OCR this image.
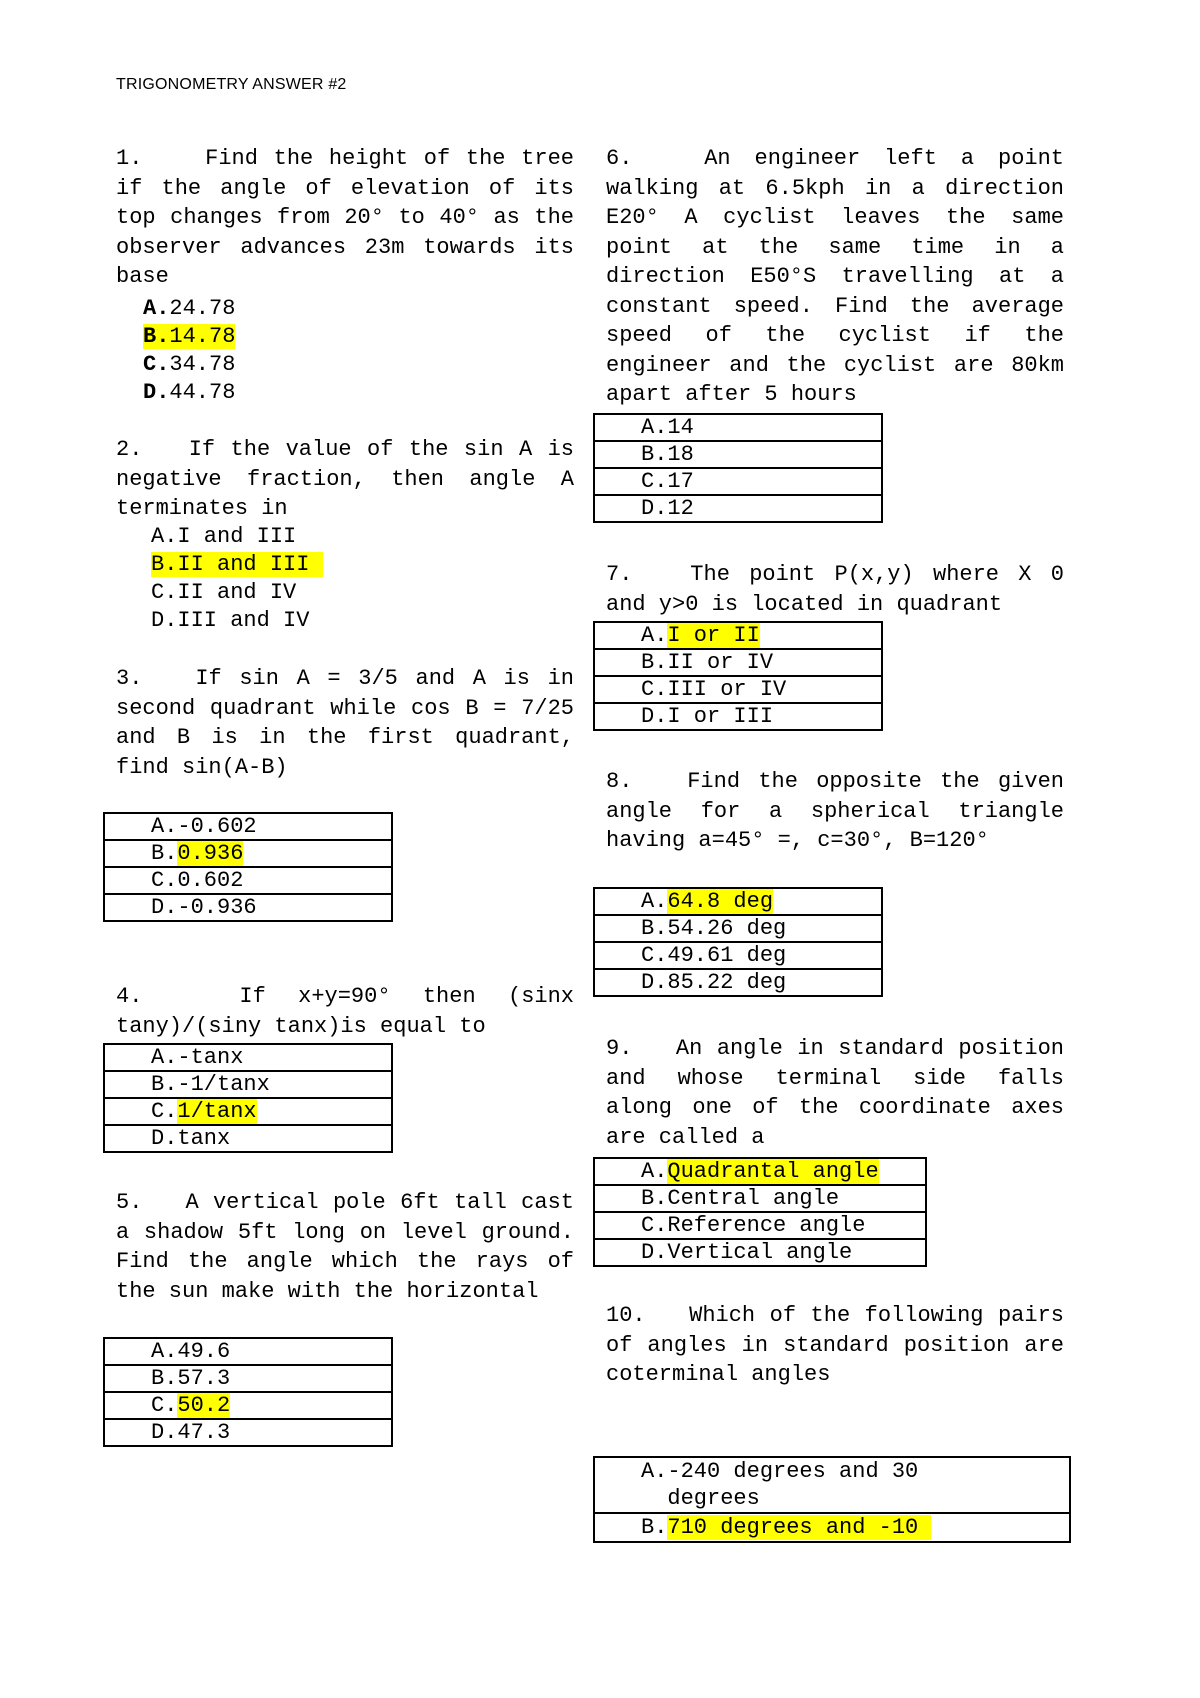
TRIGONOMETRY ANSWER #2
1.	Find the height of the tree if the angle of elevation of its top changes from 20° to 40° as the observer advances 23m towards its base
A.24.78
B.14.78
C.34.78
D.44.78
2. If the value of the sin A is negative fraction, then angle A terminates in
A.I and III
B.II and III
C.II and IV
D.III and IV
3. If sin A = 3/5 and A is in second quadrant while cos B = 7/25 and B is in the first quadrant, find sin(A-B)
A.-0.602
B.0.936
C.0.602
D.-0.936
4.	If x+y=90° then (sinx tany)/(siny tanx)is equal to
A.-tanx
B.-1/tanx
C.1/tanx
D.tanx
5. A vertical pole 6ft tall cast a shadow 5ft long on level ground. Find the angle which the rays of the sun make with the horizontal
A.49.6
B.57.3
C.50.2
D.47.3
6.	An engineer left a point walking at 6.5kph in a direction E20° A cyclist leaves the same point at the same time in a direction E50°S travelling at a constant speed. Find the average speed of the cyclist if the engineer and the cyclist are 80km apart after 5 hours
A.14
B.18
C.17
D.12
7.	The point P(x,y) where X 0 and y>0 is located in quadrant
A.I or II
B.II or IV
C.III or IV
D.I or III
8. Find the opposite the given angle for a spherical triangle having a=45° =, c=30°, B=120°
A.64.8 deg
B.54.26 deg
C.49.61 deg
D.85.22 deg
9. An angle in standard position and whose terminal side falls along one of the coordinate axes are called a
A.Quadrantal angle
B.Central angle
C.Reference angle
D.Vertical angle
10. Which of the following pairs of angles in standard position are coterminal angles
A. -240 degrees and 30 degrees

B.710 degrees and -10
